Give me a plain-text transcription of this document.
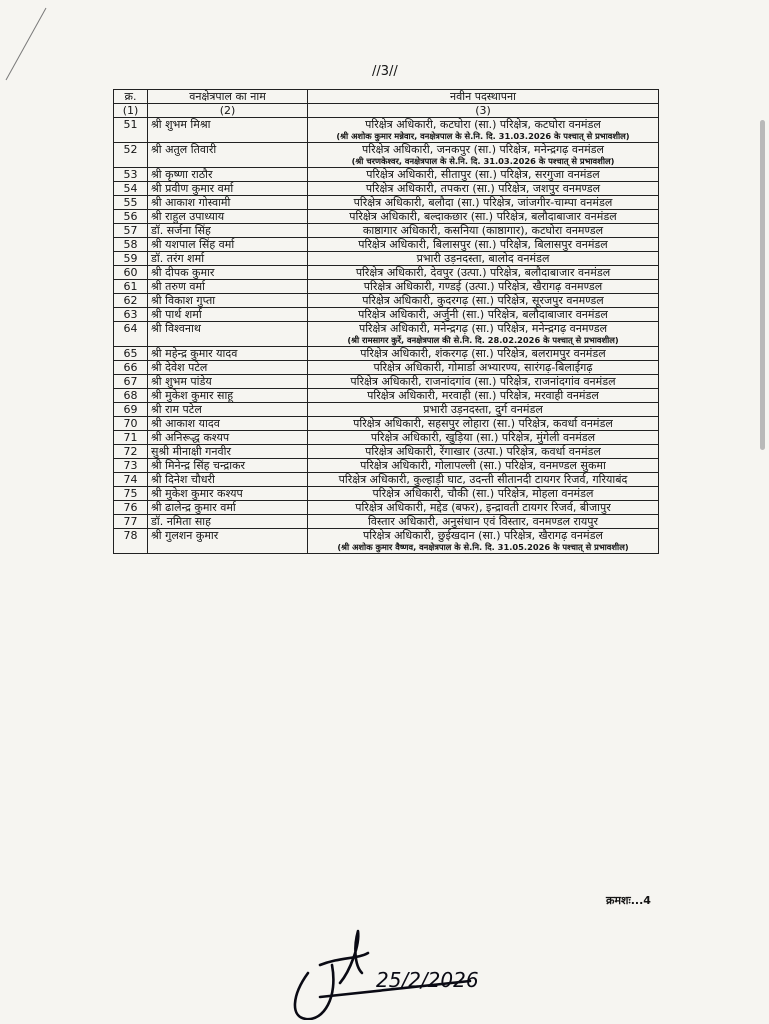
//3//
क्र.	वनक्षेत्रपाल का नाम	नवीन पदस्थापना
(1)	(2)	(3)
51	श्री शुभम मिश्रा	परिक्षेत्र अधिकारी, कटघोरा (सा.) परिक्षेत्र, कटघोरा वनमंडल
(श्री अशोक कुमार मन्नेवार, वनक्षेत्रपाल के से.नि. दि. 31.03.2026 के पश्चात् से प्रभावशील)

52	श्री अतुल तिवारी	परिक्षेत्र अधिकारी, जनकपुर (सा.) परिक्षेत्र, मनेन्द्रगढ़ वनमंडल
(श्री चरणकेश्वर, वनक्षेत्रपाल के से.नि. दि. 31.03.2026 के पश्चात् से प्रभावशील)

53	श्री कृष्णा राठौर	परिक्षेत्र अधिकारी, सीतापुर (सा.) परिक्षेत्र, सरगुजा वनमंडल
54	श्री प्रवीण कुमार वर्मा	परिक्षेत्र अधिकारी, तपकरा (सा.) परिक्षेत्र, जशपुर वनमण्डल
55	श्री आकाश गोस्वामी	परिक्षेत्र अधिकारी, बलौदा (सा.) परिक्षेत्र, जांजगीर-चाम्पा वनमंडल
56	श्री राहुल उपाध्याय	परिक्षेत्र अधिकारी, बल्दाकछार (सा.) परिक्षेत्र, बलौदाबाजार वनमंडल
57	डॉ. सर्जना सिंह	काष्ठागार अधिकारी, कसनिया (काष्ठागार), कटघोरा वनमण्डल
58	श्री यशपाल सिंह वर्मा	परिक्षेत्र अधिकारी, बिलासपुर (सा.) परिक्षेत्र, बिलासपुर वनमंडल
59	डॉ. तरंग शर्मा	प्रभारी उड़नदस्ता, बालोद वनमंडल
60	श्री दीपक कुमार	परिक्षेत्र अधिकारी, देवपुर (उत्पा.) परिक्षेत्र, बलौदाबाजार वनमंडल
61	श्री तरुण वर्मा	परिक्षेत्र अधिकारी, गण्डई (उत्पा.) परिक्षेत्र, खैरागढ़ वनमण्डल
62	श्री विकाश गुप्ता	परिक्षेत्र अधिकारी, कुदरगढ़ (सा.) परिक्षेत्र, सूरजपुर वनमण्डल
63	श्री पार्थ शर्मा	परिक्षेत्र अधिकारी, अर्जुनी (सा.) परिक्षेत्र, बलौदाबाजार वनमंडल
64	श्री विश्वनाथ	परिक्षेत्र अधिकारी, मनेन्द्रगढ़ (सा.) परिक्षेत्र, मनेन्द्रगढ़ वनमण्डल
(श्री रामसागर कुर्रे, वनक्षेत्रपाल की से.नि. दि. 28.02.2026 के पश्चात् से प्रभावशील)

65	श्री महेन्द्र कुमार यादव	परिक्षेत्र अधिकारी, शंकरगढ़ (सा.) परिक्षेत्र, बलरामपुर वनमंडल
66	श्री देवेश पटेल	परिक्षेत्र अधिकारी, गोमार्डा अभ्यारण्य, सारंगढ़-बिलाईगढ़
67	श्री शुभम पांडेय	परिक्षेत्र अधिकारी, राजनांदगांव (सा.) परिक्षेत्र, राजनांदगांव वनमंडल
68	श्री मुकेश कुमार साहू	परिक्षेत्र अधिकारी, मरवाही (सा.) परिक्षेत्र, मरवाही वनमंडल
69	श्री राम पटेल	प्रभारी उड़नदस्ता, दुर्ग वनमंडल
70	श्री आकाश यादव	परिक्षेत्र अधिकारी, सहसपुर लोहारा (सा.) परिक्षेत्र, कवर्धा वनमंडल
71	श्री अनिरूद्ध कश्यप	परिक्षेत्र अधिकारी, खुड़िया (सा.) परिक्षेत्र, मुंगेली वनमंडल
72	सुश्री मीनाक्षी गनवीर	परिक्षेत्र अधिकारी, रेंगाखार (उत्पा.) परिक्षेत्र, कवर्धा वनमंडल
73	श्री मिनेन्द्र सिंह चन्द्राकर	परिक्षेत्र अधिकारी, गोलापल्ली (सा.) परिक्षेत्र, वनमण्डल सुकमा
74	श्री दिनेश चौधरी	परिक्षेत्र अधिकारी, कुल्हाड़ी घाट, उदन्ती सीतानदी टायगर रिजर्व, गरियाबंद
75	श्री मुकेश कुमार कश्यप	परिक्षेत्र अधिकारी, चौकी (सा.) परिक्षेत्र, मोहला वनमंडल
76	श्री ढालेन्द्र कुमार वर्मा	परिक्षेत्र अधिकारी, मद्देड (बफर), इन्द्रावती टायगर रिजर्व, बीजापुर
77	डॉ. नमिता साह	विस्तार अधिकारी, अनुसंधान एवं विस्तार, वनमण्डल रायपुर
78	श्री गुलशन कुमार	परिक्षेत्र अधिकारी, छुईखदान (सा.) परिक्षेत्र, खैरागढ़ वनमंडल
(श्री अशोक कुमार वैष्णव, वनक्षेत्रपाल के से.नि. दि. 31.05.2026 के पश्चात् से प्रभावशील)
क्रमशः...4
25/2/2026
